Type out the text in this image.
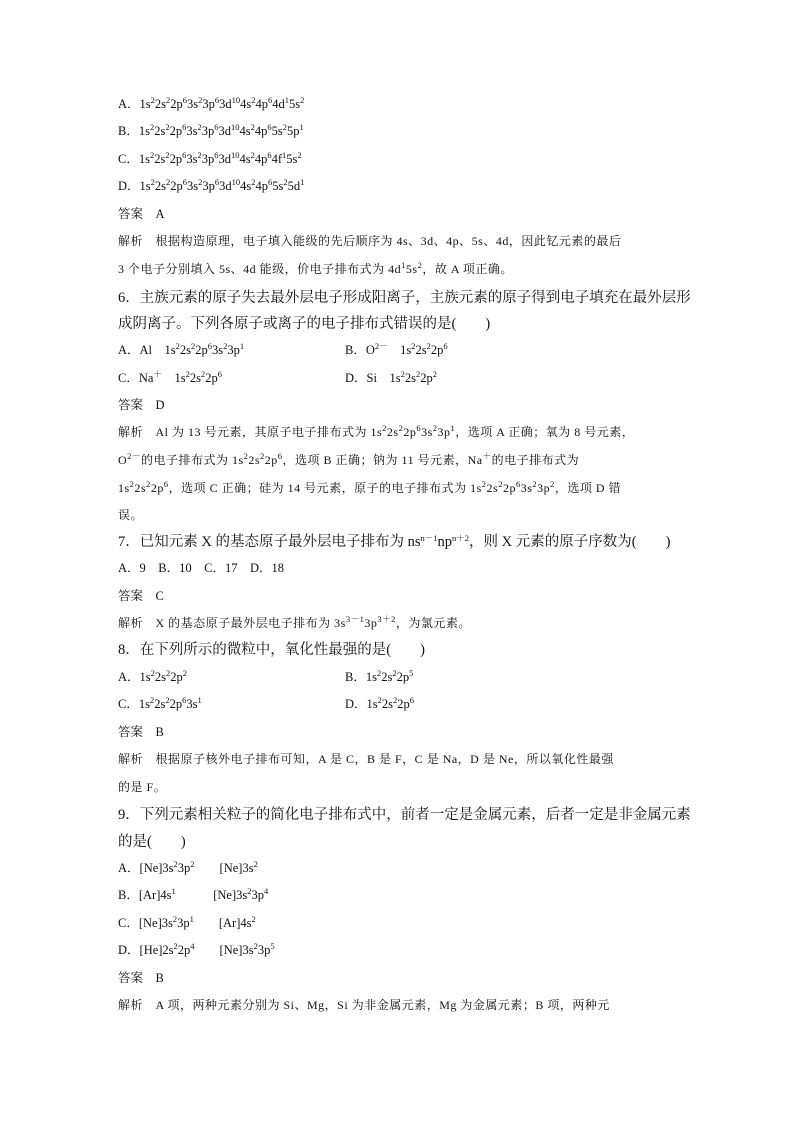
A．$1s^22s^22p^63s^23p^63d^{10}4s^24p^64d^15s^2$
B．$1s^22s^22p^63s^23p^63d^{10}4s^24p^65s^25p^1$
C．$1s^22s^22p^63s^23p^63d^{10}4s^24p^64f^15s^2$
D．$1s^22s^22p^63s^23p^63d^{10}4s^24p^65s^25d^1$
答案　A
解析　根据构造原理，电子填入能级的先后顺序为 4s、3d、4p、5s、4d，因此钇元素的最后
3 个电子分别填入 5s、4d 能级，价电子排布式为 $4d^15s^2$，故 A 项正确。
6．主族元素的原子失去最外层电子形成阳离子，主族元素的原子得到电子填充在最外层形
成阴离子。下列各原子或离子的电子排布式错误的是(　　)
A．Al　$1s^22s^22p^63s^23p^1$	B．$O^{2-}$　$1s^22s^22p^6$
C．Na＋　$1s^22s^22p^6$	D．Si　$1s^22s^22p^2$
答案　D
解析　Al 为 13 号元素，其原子电子排布式为 $1s^22s^22p^63s^23p^1$，选项 A 正确；氧为 8 号元素，
$O^{2-}$的电子排布式为 $1s^22s^22p^6$，选项 B 正确；钠为 11 号元素，Na＋的电子排布式为
$1s^22s^22p^6$，选项 C 正确；硅为 14 号元素，原子的电子排布式为 $1s^22s^22p^63s^23p^2$，选项 D 错
误。
7．已知元素 X 的基态原子最外层电子排布为 $ns^{n-1}np^{n+2}$，则 X 元素的原子序数为(　　)
A．9　B．10　C．17　D．18
答案　C
解析　X 的基态原子最外层电子排布为 $3s^{3-1}3p^{3+2}$，为氯元素。
8．在下列所示的微粒中，氧化性最强的是(　　)
A．$1s^22s^22p^2$	B．$1s^22s^22p^5$
C．$1s^22s^22p^63s^1$	D．$1s^22s^22p^6$
答案　B
解析　根据原子核外电子排布可知，A 是 C，B 是 F，C 是 Na，D 是 Ne，所以氧化性最强
的是 F。
9．下列元素相关粒子的简化电子排布式中，前者一定是金属元素，后者一定是非金属元素
的是(　　)
A．$[Ne]3s^23p^2$　　$[Ne]3s^2$
B．$[Ar]4s^1$　　　$[Ne]3s^23p^4$
C．$[Ne]3s^23p^1$　　$[Ar]4s^2$
D．$[He]2s^22p^4$　　$[Ne]3s^23p^5$
答案　B
解析　A 项，两种元素分别为 Si、Mg，Si 为非金属元素，Mg 为金属元素；B 项，两种元
